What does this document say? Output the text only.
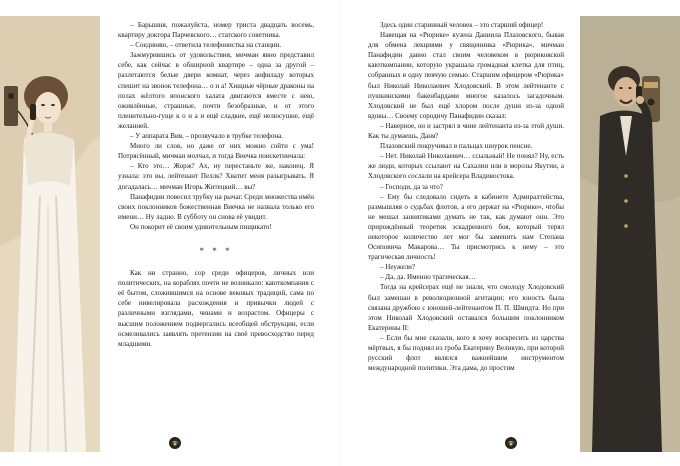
– Барышня, пожалуйста, номер триста двадцать восемь, квартиру доктора Парчевского… статского советника.

– Соединяю, – ответила телефонистка на станции.

Зажмурившись от удовольствия, мичман явно представил себе, как сейчас в обширной квартире – одна за другой – разлетаются белые двери комнат, через анфиладу которых спешит на звонок телефона… о н а! Хищные чёрные драконы на полах жёлтого японского халата двигаются вместе с нею, оживлённые, страшные, почти безобразные, и от этого пленительно-гуще к о н а и ещё сладкие, ещё нелюсушне, ещё желанней.

– У аппарата Вия, – прозвучало в трубке телефона.

Много ли слов, но даже от них можно сойти с ума! Потрясённый, мичман молчал, и тогда Виечка поискетничала:

– Кто это… Жорж? Ах, ну перестаньте же, наконец. Я узнала: это вы, лейтенант Пеллк? Хватит меня разыгрывать. Я догадалась… мичман Игорь Житецкий… вы?

Панафидин повесил трубку на рычаг. Среди множества имён своих поклонников божественная Виечка не назвала только его имени… Ну ладно. В субботу он снова её увидит.

Он покорит её своим удивительным пищикато!

* * *

Как ни странно, сор среди офицеров, личных или политических, на кораблях почти не возникало: каюткомпания с её бытом, сложившимся на основе вековых традиций, сама по себе нивелировала расхождения и привычки людей с различными взглядами, чинами и возрастом. Офицеры с высшим положением подвергались всеобщей обструкции, если осмеливались заявлять претензии на своё превосходство перед младшими.

Здесь один старинный человек – это старший офицер!

Навещая на «Рюрике» кузена Даниила Плазовского, бывая для обмена лекциями у священника «Рюрика», мичман Панафидин давно стал своим человеком в рюриковской каюткомпании, которую украшала громадная клетка для птиц, собранных в одну певчую семью. Старшим офицером «Рюрика» был Николай Николаевич Хлодовский. В этом лейтенанте с пушкинскими бакенбардами многое казалось загадочным. Хлодовский не был ещё хлором после души из-за одной вдовы… Своему сородичу Панафидин сказал:

– Наверное, он и застрял в чине лейтенанта из-за этой души. Как ты думаешь, Даня?

Плазовский покручивал в пальцах шнурок пенсне.

– Нет. Николай Николаевич… ссыльный! Не понял? Ну, есть же люди, которых ссылают на Сахалин или в морозы Якутии, а Хлодовского сослали на крейсера Владивостока.

– Господи, да за что?

– Ему бы следовало сидеть в кабинете Адмиралтейства, размышляя о судьбах флотов, а его держат на «Рюрике», чтобы не мешал заниятиками думать не так, как думают они. Это прирождённый теоретик эскадренного боя, который терял некоторое количество лет мог бы заменить нам Степана Осиповича Макарова… Ты присмотрись к нему – это трагическая личность!

– Неужели?

– Да, да. Именно трагическая…

Тогда на крейсерах ещё не знали, что смолоду Хлодовский был замешан в революционной агитации; его юность была связана дружбою с юношей-лейтенантом П. П. Шмидта. Но при этом Николай Хлодовский оставался большим поклонником Екатерины II:

– Если бы мне сказали, кого я хочу воскресить из царства мёртвых, я бы поднял из гроба Екатерину Великую, при которой русский флот являлся важнейшим инструментом международной политики. Эта дама, до простим
